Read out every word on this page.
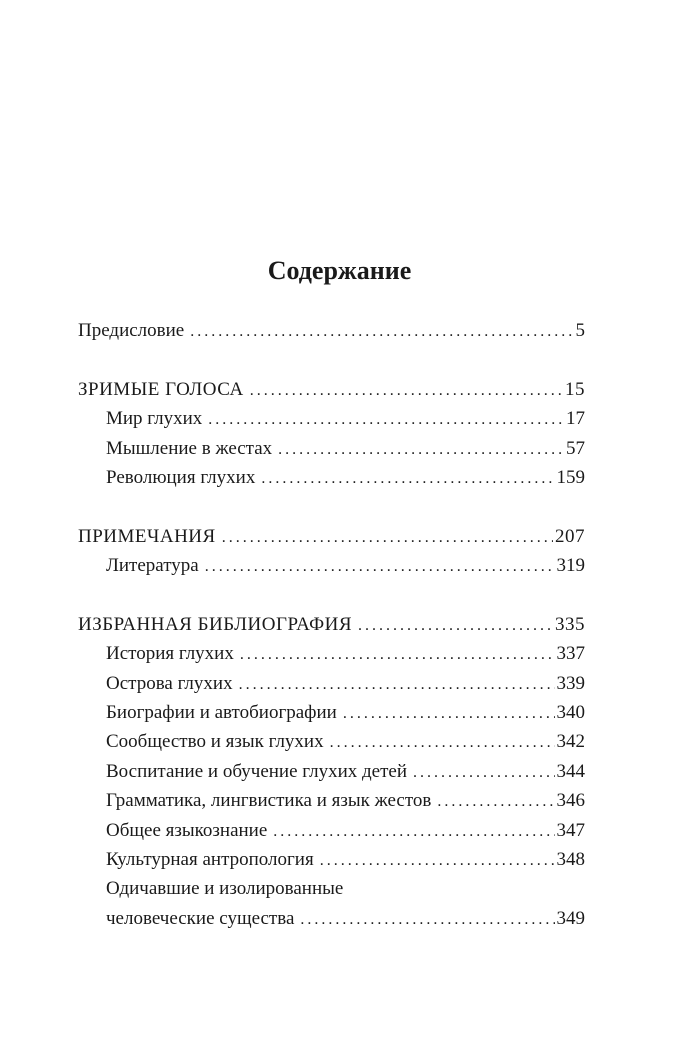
Содержание
Предисловие . . .	5
ЗРИМЫЕ ГОЛОСА . . .	15
Мир глухих . . .	17
Мышление в жестах . . .	57
Революция глухих . . .	159
ПРИМЕЧАНИЯ . . .	207
Литература . . .	319
ИЗБРАННАЯ БИБЛИОГРАФИЯ . . .	335
История глухих . . .	337
Острова глухих . . .	339
Биографии и автобиографии . . .	340
Сообщество и язык глухих . . .	342
Воспитание и обучение глухих детей . . .	344
Грамматика, лингвистика и язык жестов . . .	346
Общее языкознание . . .	347
Культурная антропология . . .	348
Одичавшие и изолированные
человеческие существа . . .	349
